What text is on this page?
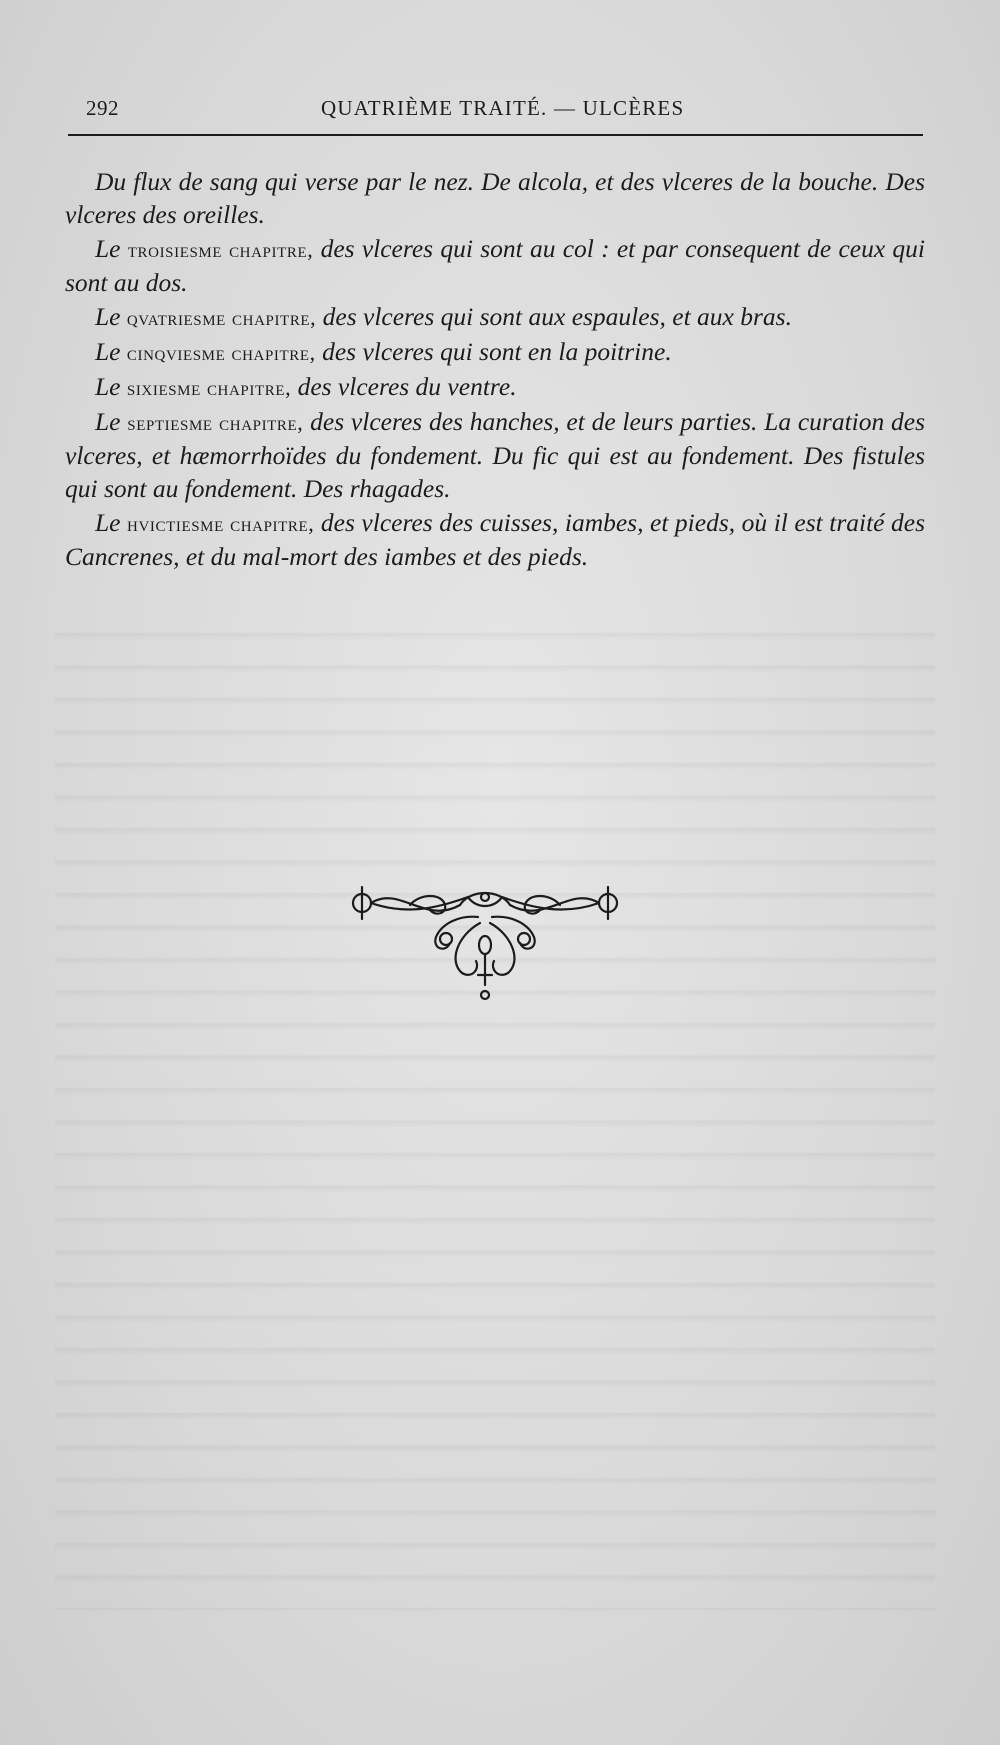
292	QUATRIÈME TRAITÉ. — ULCÈRES

Du flux de sang qui verse par le nez. De alcola, et des vlceres de la bouche. Des vlceres des oreilles.

Le troisiesme chapitre, des vlceres qui sont au col : et par consequent de ceux qui sont au dos.

Le qvatriesme chapitre, des vlceres qui sont aux espaules, et aux bras.

Le cinqviesme chapitre, des vlceres qui sont en la poitrine.

Le sixiesme chapitre, des vlceres du ventre.

Le septiesme chapitre, des vlceres des hanches, et de leurs parties. La curation des vlceres, et hæmorrhoïdes du fondement. Du fic qui est au fondement. Des fistules qui sont au fondement. Des rhagades.

Le hvictiesme chapitre, des vlceres des cuisses, iambes, et pieds, où il est traité des Cancrenes, et du mal-mort des iambes et des pieds.
